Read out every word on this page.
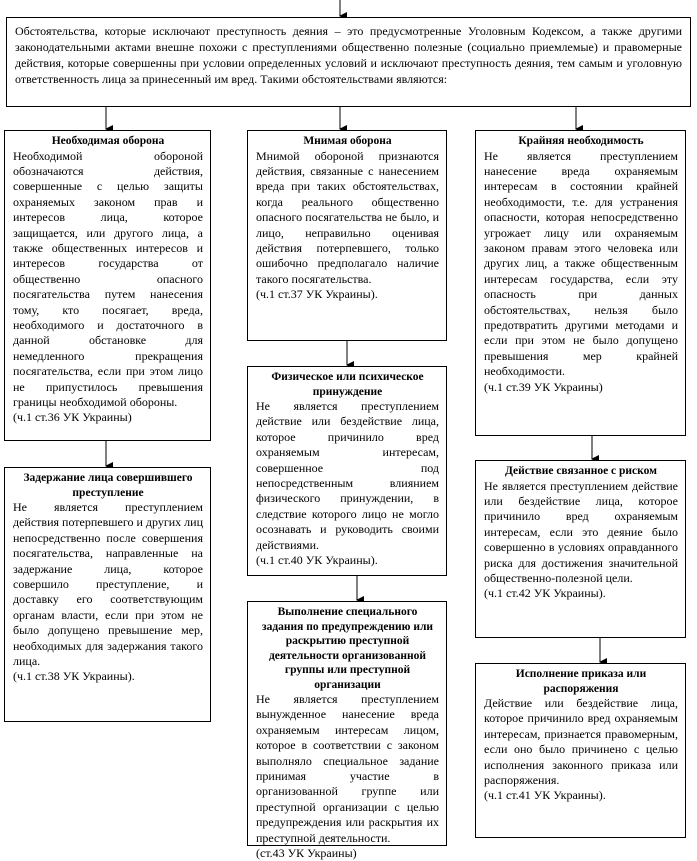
Обстоятельства, которые исключают преступность деяния – это предусмотренные Уголовным Кодексом, а также другими законодательными актами внешне похожи с преступлениями общественно полезные (социально приемлемые) и правомерные действия, которые совершенны при условии определенных условий и исключают преступность деяния, тем самым и уголовную ответственность лица за принесенный им вред. Такими обстоятельствами являются:
Необходимая оборона
Необходимой обороной обозначаются действия, совершенные с целью защиты охраняемых законом прав и интересов лица, которое защищается, или другого лица, а также общественных интересов и интересов государства от общественно опасного посягательства путем нанесения тому, кто посягает, вреда, необходимого и достаточного в данной обстановке для немедленного прекращения посягательства, если при этом лицо не припустилось превышения границы необходимой обороны.
(ч.1 ст.36 УК Украины)
Задержание лица совершившего преступление
Не является преступлением действия потерпевшего и других лиц непосредственно после совершения посягательства, направленные на задержание лица, которое совершило преступление, и доставку его соответствующим органам власти, если при этом не было допущено превышение мер, необходимых для задержания такого лица.
(ч.1 ст.38 УК Украины).
Мнимая оборона
Мнимой обороной признаются действия, связанные с нанесением вреда при таких обстоятельствах, когда реального общественно опасного посягательства не было, и лицо, неправильно оценивая действия потерпевшего, только ошибочно предполагало наличие такого посягательства.
(ч.1 ст.37 УК Украины).
Физическое или психическое принуждение
Не является преступлением действие или бездействие лица, которое причинило вред охраняемым интересам, совершенное под непосредственным влиянием физического принуждении, в следствие которого лицо не могло осознавать и руководить своими действиями.
(ч.1 ст.40 УК Украины).
Выполнение специального задания по предупреждению или раскрытию преступной деятельности организованной группы или преступной организации
Не является преступлением вынужденное нанесение вреда охраняемым интересам лицом, которое в соответствии с законом выполняло специальное задание принимая участие в организованной группе или преступной организации с целью предупреждения или раскрытия их преступной деятельности.
(ст.43 УК Украины)
Крайняя необходимость
Не является преступлением нанесение вреда охраняемым интересам в состоянии крайней необходимости, т.е. для устранения опасности, которая непосредственно угрожает лицу или охраняемым законом правам этого человека или других лиц, а также общественным интересам государства, если эту опасность при данных обстоятельствах, нельзя было предотвратить другими методами и если при этом не было допущено превышения мер крайней необходимости.
(ч.1 ст.39 УК Украины)
Действие связанное с риском
Не является преступлением действие или бездействие лица, которое причинило вред охраняемым интересам, если это деяние было совершенно в условиях оправданного риска для достижения значительной общественно-полезной цели.
(ч.1 ст.42 УК Украины).
Исполнение приказа или распоряжения
Действие или бездействие лица, которое причинило вред охраняемым интересам, признается правомерным, если оно было причинено с целью исполнения законного приказа или распоряжения.
(ч.1 ст.41 УК Украины).
